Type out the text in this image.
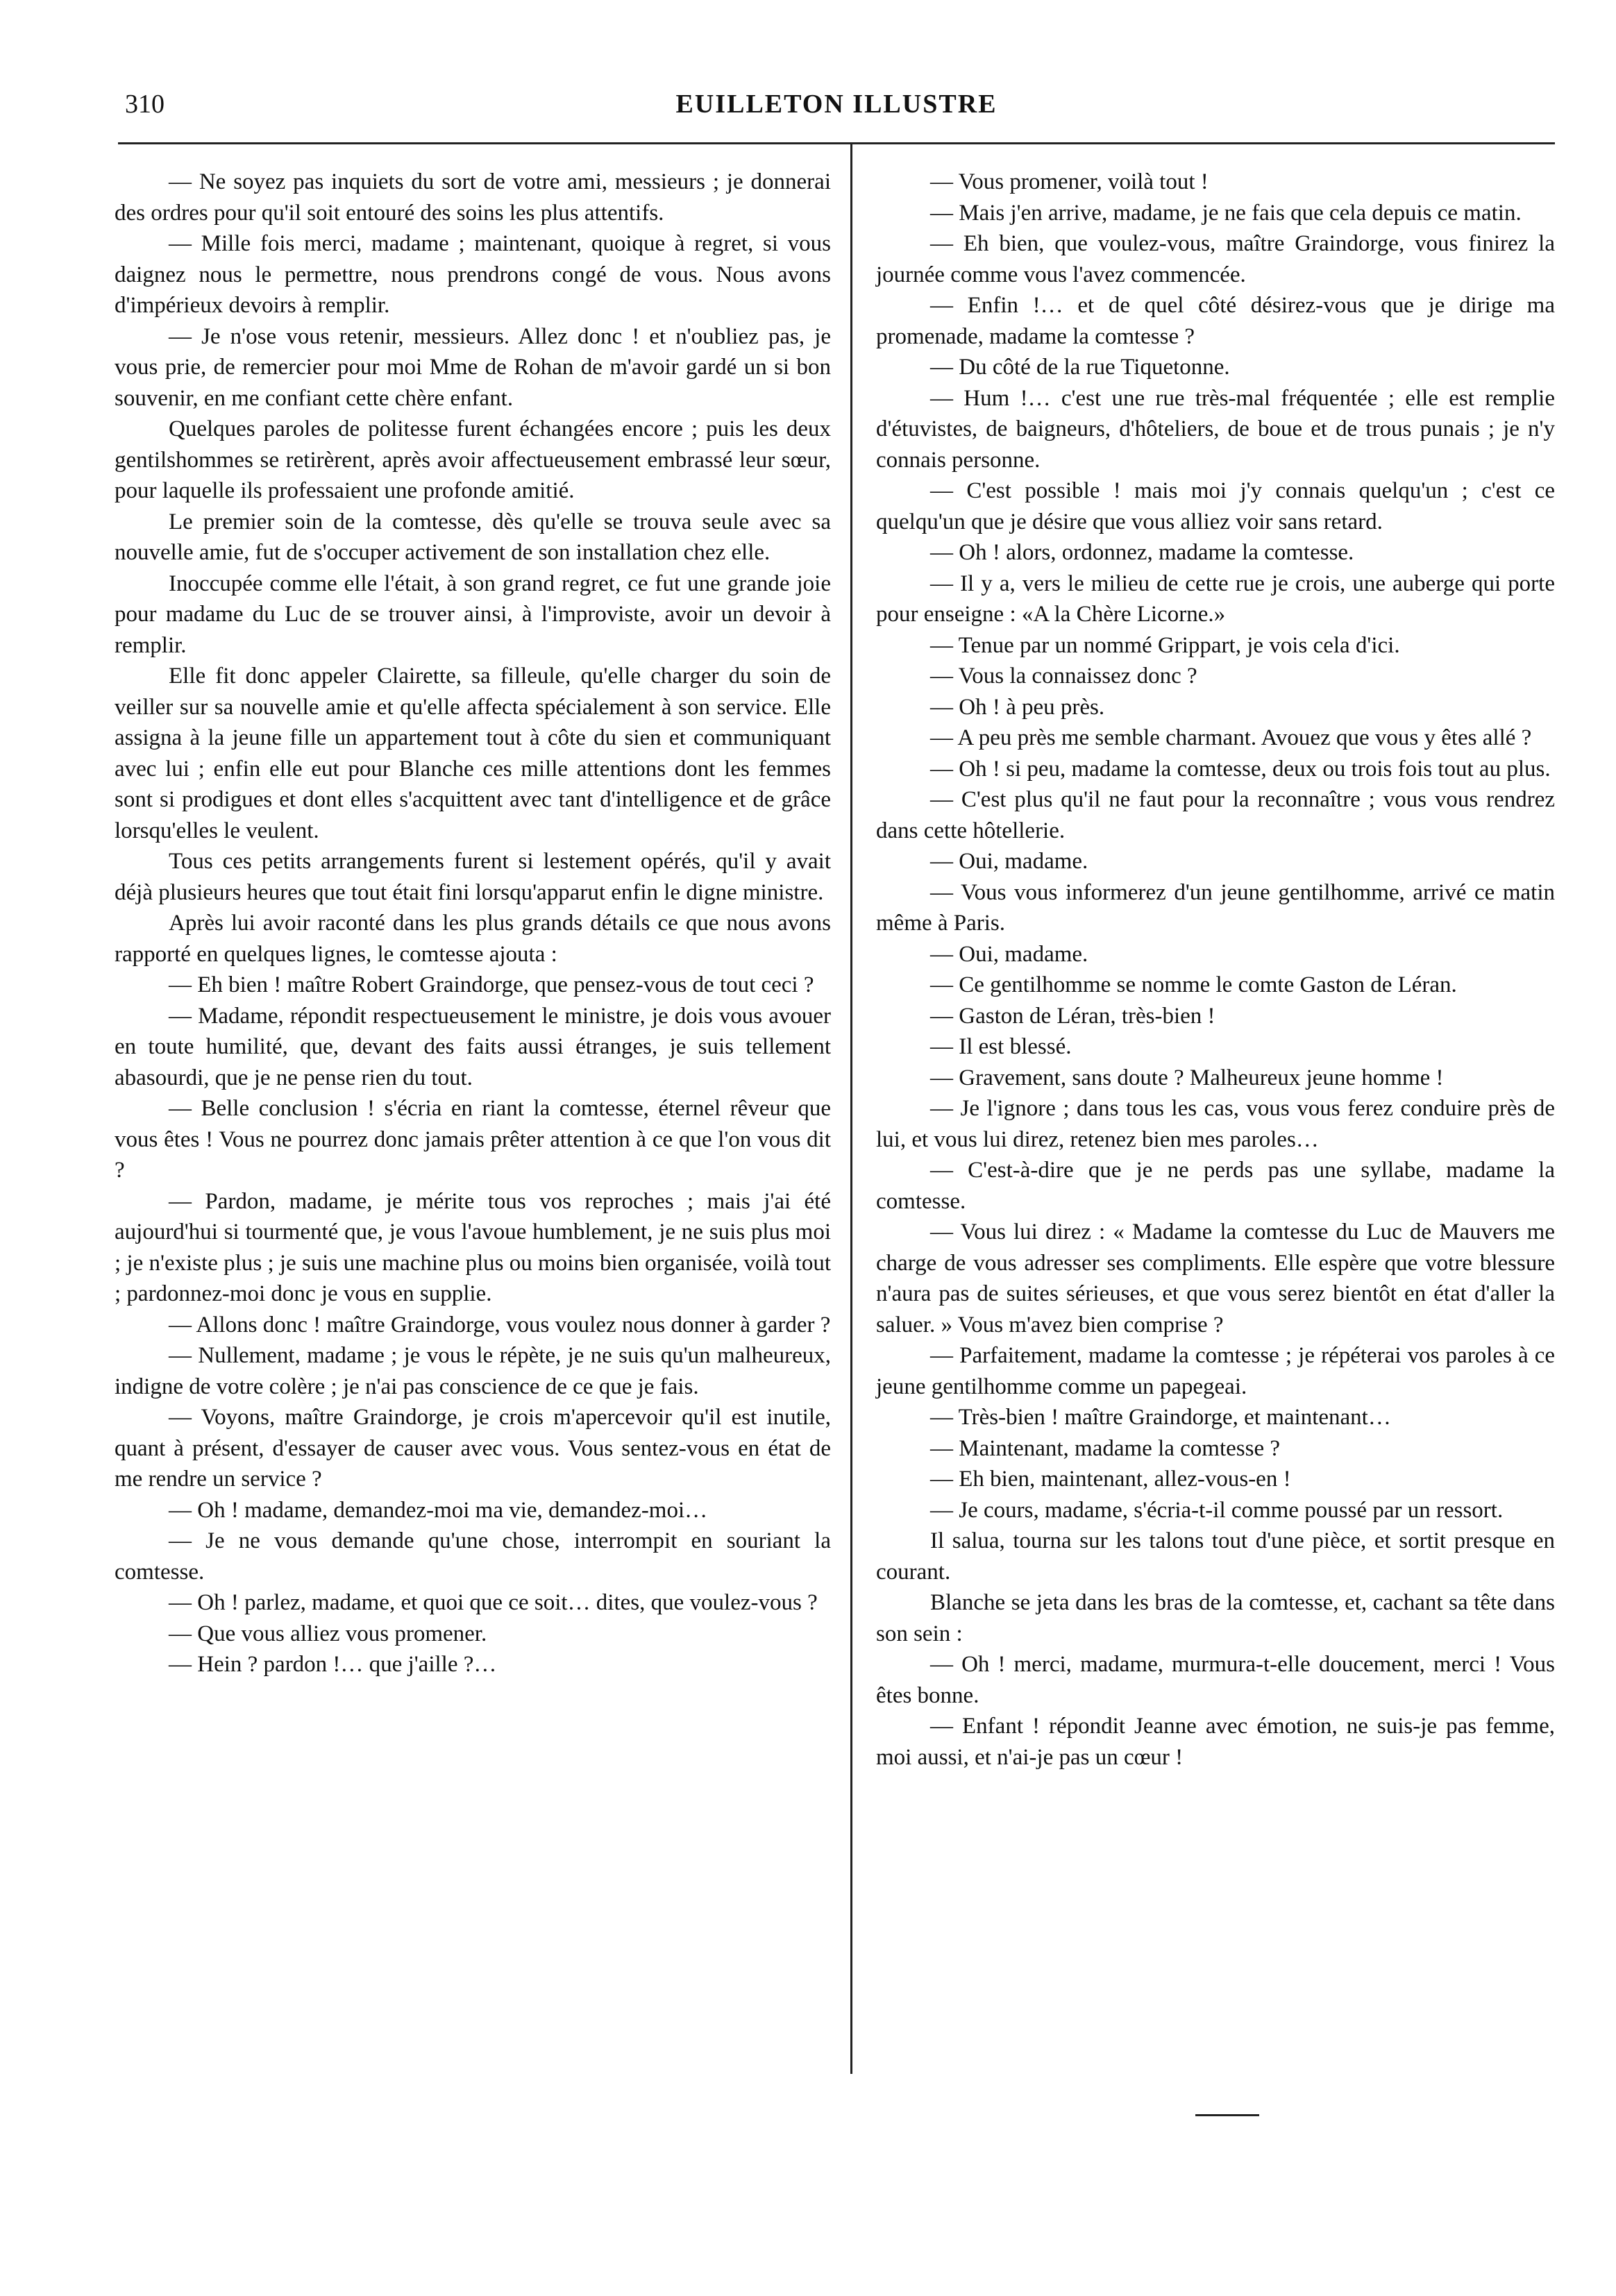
310	EUILLETON ILLUSTRE

— Ne soyez pas inquiets du sort de votre ami, messieurs ; je donnerai des ordres pour qu'il soit entouré des soins les plus attentifs.

— Mille fois merci, madame ; maintenant, quoique à regret, si vous daignez nous le permettre, nous prendrons congé de vous. Nous avons d'impérieux devoirs à remplir.

— Je n'ose vous retenir, messieurs. Allez donc ! et n'oubliez pas, je vous prie, de remercier pour moi Mme de Rohan de m'avoir gardé un si bon souvenir, en me confiant cette chère enfant.

Quelques paroles de politesse furent échangées encore ; puis les deux gentilshommes se retirèrent, après avoir affectueusement embrassé leur sœur, pour laquelle ils professaient une profonde amitié.

Le premier soin de la comtesse, dès qu'elle se trouva seule avec sa nouvelle amie, fut de s'occuper activement de son installation chez elle.

Inoccupée comme elle l'était, à son grand regret, ce fut une grande joie pour madame du Luc de se trouver ainsi, à l'improviste, avoir un devoir à remplir.

Elle fit donc appeler Clairette, sa filleule, qu'elle charger du soin de veiller sur sa nouvelle amie et qu'elle affecta spécialement à son service. Elle assigna à la jeune fille un appartement tout à côte du sien et communiquant avec lui ; enfin elle eut pour Blanche ces mille attentions dont les femmes sont si prodigues et dont elles s'acquittent avec tant d'intelligence et de grâce lorsqu'elles le veulent.

Tous ces petits arrangements furent si lestement opérés, qu'il y avait déjà plusieurs heures que tout était fini lorsqu'apparut enfin le digne ministre.

Après lui avoir raconté dans les plus grands détails ce que nous avons rapporté en quelques lignes, le comtesse ajouta :

— Eh bien ! maître Robert Graindorge, que pensez-vous de tout ceci ?

— Madame, répondit respectueusement le ministre, je dois vous avouer en toute humilité, que, devant des faits aussi étranges, je suis tellement abasourdi, que je ne pense rien du tout.

— Belle conclusion ! s'écria en riant la comtesse, éternel rêveur que vous êtes ! Vous ne pourrez donc jamais prêter attention à ce que l'on vous dit ?

— Pardon, madame, je mérite tous vos reproches ; mais j'ai été aujourd'hui si tourmenté que, je vous l'avoue humblement, je ne suis plus moi ; je n'existe plus ; je suis une machine plus ou moins bien organisée, voilà tout ; pardonnez-moi donc je vous en supplie.

— Allons donc ! maître Graindorge, vous voulez nous donner à garder ?

— Nullement, madame ; je vous le répète, je ne suis qu'un malheureux, indigne de votre colère ; je n'ai pas conscience de ce que je fais.

— Voyons, maître Graindorge, je crois m'apercevoir qu'il est inutile, quant à présent, d'essayer de causer avec vous. Vous sentez-vous en état de me rendre un service ?

— Oh ! madame, demandez-moi ma vie, demandez-moi…

— Je ne vous demande qu'une chose, interrompit en souriant la comtesse.

— Oh ! parlez, madame, et quoi que ce soit… dites, que voulez-vous ?

— Que vous alliez vous promener.

— Hein ? pardon !… que j'aille ?…

— Vous promener, voilà tout !

— Mais j'en arrive, madame, je ne fais que cela depuis ce matin.

— Eh bien, que voulez-vous, maître Graindorge, vous finirez la journée comme vous l'avez commencée.

— Enfin !… et de quel côté désirez-vous que je dirige ma promenade, madame la comtesse ?

— Du côté de la rue Tiquetonne.

— Hum !… c'est une rue très-mal fréquentée ; elle est remplie d'étuvistes, de baigneurs, d'hôteliers, de boue et de trous punais ; je n'y connais personne.

— C'est possible ! mais moi j'y connais quelqu'un ; c'est ce quelqu'un que je désire que vous alliez voir sans retard.

— Oh ! alors, ordonnez, madame la comtesse.

— Il y a, vers le milieu de cette rue je crois, une auberge qui porte pour enseigne : «A la Chère Licorne.»

— Tenue par un nommé Grippart, je vois cela d'ici.

— Vous la connaissez donc ?

— Oh ! à peu près.

— A peu près me semble charmant. Avouez que vous y êtes allé ?

— Oh ! si peu, madame la comtesse, deux ou trois fois tout au plus.

— C'est plus qu'il ne faut pour la reconnaître ; vous vous rendrez dans cette hôtellerie.

— Oui, madame.

— Vous vous informerez d'un jeune gentilhomme, arrivé ce matin même à Paris.

— Oui, madame.

— Ce gentilhomme se nomme le comte Gaston de Léran.

— Gaston de Léran, très-bien !

— Il est blessé.

— Gravement, sans doute ? Malheureux jeune homme !

— Je l'ignore ; dans tous les cas, vous vous ferez conduire près de lui, et vous lui direz, retenez bien mes paroles…

— C'est-à-dire que je ne perds pas une syllabe, madame la comtesse.

— Vous lui direz : « Madame la comtesse du Luc de Mauvers me charge de vous adresser ses compliments. Elle espère que votre blessure n'aura pas de suites sérieuses, et que vous serez bientôt en état d'aller la saluer. » Vous m'avez bien comprise ?

— Parfaitement, madame la comtesse ; je répéterai vos paroles à ce jeune gentilhomme comme un papegeai.

— Très-bien ! maître Graindorge, et maintenant…

— Maintenant, madame la comtesse ?

— Eh bien, maintenant, allez-vous-en !

— Je cours, madame, s'écria-t-il comme poussé par un ressort.

Il salua, tourna sur les talons tout d'une pièce, et sortit presque en courant.

Blanche se jeta dans les bras de la comtesse, et, cachant sa tête dans son sein :

— Oh ! merci, madame, murmura-t-elle doucement, merci ! Vous êtes bonne.

— Enfant ! répondit Jeanne avec émotion, ne suis-je pas femme, moi aussi, et n'ai-je pas un cœur !
